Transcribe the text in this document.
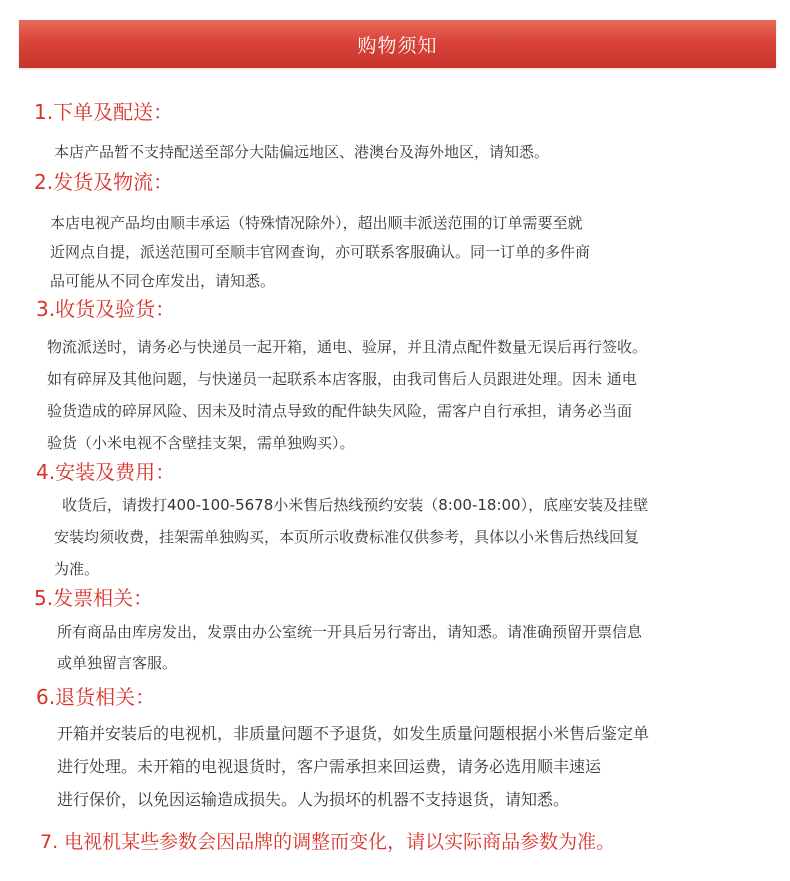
购物须知
1.下单及配送：
本店产品暂不支持配送至部分大陆偏远地区、港澳台及海外地区，请知悉。
2.发货及物流：
本店电视产品均由顺丰承运（特殊情况除外），超出顺丰派送范围的订单需要至就
近网点自提，派送范围可至顺丰官网查询，亦可联系客服确认。同一订单的多件商
品可能从不同仓库发出，请知悉。
3.收货及验货：
物流派送时，请务必与快递员一起开箱，通电、验屏，并且清点配件数量无误后再行签收。
如有碎屏及其他问题，与快递员一起联系本店客服，由我司售后人员跟进处理。因未 通电
验货造成的碎屏风险、因未及时清点导致的配件缺失风险，需客户自行承担，请务必当面
验货（小米电视不含壁挂支架，需单独购买）。
4.安装及费用：
收货后，请拨打400-100-5678小米售后热线预约安装（8:00-18:00），底座安装及挂壁
安装均须收费，挂架需单独购买，本页所示收费标准仅供参考，具体以小米售后热线回复
为准。
5.发票相关：
所有商品由库房发出，发票由办公室统一开具后另行寄出，请知悉。请准确预留开票信息
或单独留言客服。
6.退货相关：
开箱并安装后的电视机，非质量问题不予退货，如发生质量问题根据小米售后鉴定单
进行处理。未开箱的电视退货时，客户需承担来回运费，请务必选用顺丰速运
进行保价，以免因运输造成损失。人为损坏的机器不支持退货，请知悉。
7. 电视机某些参数会因品牌的调整而变化，请以实际商品参数为准。
